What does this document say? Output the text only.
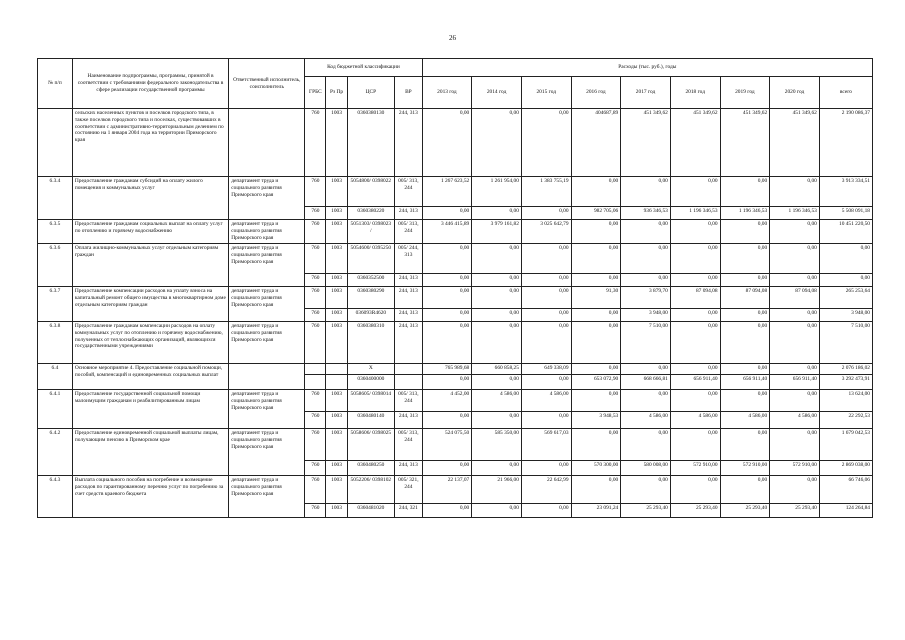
26
№ п/п	Наименование подпрограммы, программы, принятой в соответствии с требованиями федерального законодательства в сфере реализации государственной программы	Ответственный исполнитель, соисполнитель	Код бюджетной классификации				Расходы (тыс. руб.), годы								
			ГРБС	Рз Пр	ЦСР	ВР	2013 год	2014 год	2015 год	2016 год	2017 год	2018 год	2019 год	2020 год	всего
	сельских населенных пунктов и поселков городского типа, в также поселков городского типа и поселках, существовавших в соответствии с административно-территориальным делением по состоянию на 1 января 2004 года на территории Приморского края		760	1003	0360380130	244, 313	0,00	0,00	0,00	404687,89	451 349,62	451 349,62	451 349,62	451 349,62	2 190 086,37
6.3.4	Предоставление гражданам субсидий на оплату жилого помещения и коммунальных услуг	департамент труда и социального развития Приморского края	760	1003	5054800/ 0398022	005/ 313, 244	1 267 623,52	1 261 954,00	1 383 755,19	0,00	0,00	0,00	0,00	0,00	3 913 334,51
			760	1003	0360380220	244, 313	0,00	0,00	0,00	982 705,06	936 346,53	1 196 346,53	1 196 346,53	1 196 346,53	5 508 091,18
6.3.5	Предоставление гражданам социальных выплат на оплату услуг по отоплению и горячему водоснабжению	департамент труда и социального развития Приморского края	760	1003	5051303/ 0398023 /	005/ 313, 244	3 446 415,89	3 979 161,82	3 025 642,79	0,00	0,00	0,00	0,00	0,00	10 451 220,50
6.3.6	Оплата жилищно-коммунальных услуг отдельным категориям граждан	департамент труда и социального развития Приморского края	760	1003	5054600/ 0395250	005/ 244, 313	0,00	0,00	0,00	0,00	0,00	0,00	0,00	0,00	0,00
			760	1003	0360352500	244, 313	0,00	0,00	0,00	0,00	0,00	0,00	0,00	0,00	0,00
6.3.7	Предоставление компенсации расходов на уплату взноса на капитальный ремонт общего имущества в многоквартирном доме отдельным категориям граждан	департамент труда и социального развития Приморского края	760	1003	0360380290	244, 313	0,00	0,00	0,00	91,30	3 879,70	87 094,08	87 094,08	87 094,08	265 253,64
			760	1003	036093R4620	244, 313	0,00	0,00	0,00	0,00	3 948,00	0,00	0,00	0,00	3 948,00
6.3.8	Предоставление гражданам компенсации расходов на оплату коммунальных услуг по отоплению и горячему водоснабжению, полученных от теплоснабжающих организаций, являющихся государственными учреждениями	департамент труда и социального развития Приморского края	760	1003	0360380310	244, 313	0,00	0,00	0,00	0,00	7 510,00	0,00	0,00	0,00	7 510,00
6.4	Основное мероприятие 4. Предоставление социальной помощи, пособий, компенсаций и единовременных социальных выплат				X		765 989,68	660 858,25	649 338,09	0,00	0,00	0,00	0,00	0,00	2 076 186,02
					0360400000		0,00	0,00	0,00	653 072,90	668 666,81	656 911,40	656 911,40	656 911,40	3 292 473,91
6.4.1	Предоставление государственной социальной помощи малоимущим гражданам и реабилитированным лицам	департамент труда и социального развития Приморского края	760	1003	5058605/ 0398014	005/ 313, 244	4 452,00	4 586,00	4 586,00	0,00	0,00	0,00	0,00	0,00	13 624,00
			760	1003	0360480140	244, 313	0,00	0,00	0,00	3 948,53	4 586,00	4 586,00	4 586,00	4 586,00	22 292,53
6.4.2	Предоставление единовременной социальной выплаты лицам, получающим пенсию в Приморском крае	департамент труда и социального развития Приморского края	760	1003	5058606/ 0398025	005/ 313, 244	524 075,50	585 350,00	569 617,03	0,00	0,00	0,00	0,00	0,00	1 679 042,53
			760	1003	0360480250	244, 313	0,00	0,00	0,00	570 300,00	580 008,00	572 910,00	572 910,00	572 910,00	2 869 038,00
6.4.3	Выплата социального пособия на погребение и возмещение расходов по гарантированному перечню услуг по погребению за счет средств краевого бюджета	департамент труда и социального развития Приморского края	760	1003	5052206/ 0398102	005/ 321, 244	22 137,07	21 966,00	22 642,99	0,00	0,00	0,00	0,00	0,00	66 746,06
			760	1003	0360481020	244, 321	0,00	0,00	0,00	23 091,24	25 293,40	25 293,40	25 293,40	25 293,40	124 264,84
